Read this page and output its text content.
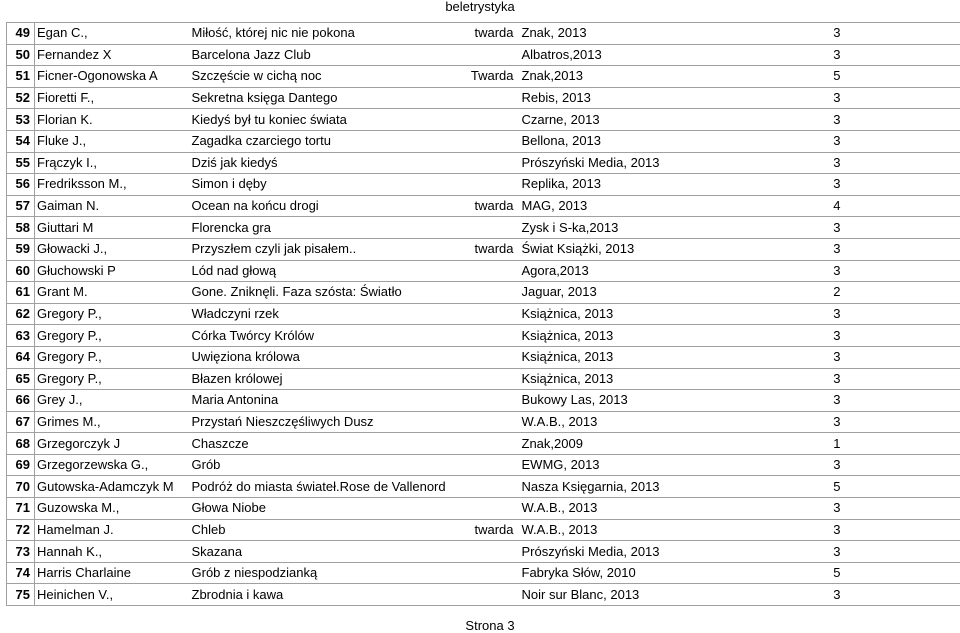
beletrystyka
49	Egan C.,	Miłość, której nic nie pokona	twarda	Znak, 2013	3	
50	Fernandez X	Barcelona Jazz Club		Albatros,2013	3	
51	Ficner-Ogonowska A	Szczęście w cichą noc	Twarda	Znak,2013	5	
52	Fioretti F.,	Sekretna księga Dantego		Rebis, 2013	3	
53	Florian K.	Kiedyś był tu koniec świata		Czarne, 2013	3	
54	Fluke J.,	Zagadka czarciego tortu		Bellona, 2013	3	
55	Frączyk I.,	Dziś jak kiedyś		Prószyński Media, 2013	3	
56	Fredriksson M.,	Simon i dęby		Replika, 2013	3	
57	Gaiman N.	Ocean na końcu drogi	twarda	MAG, 2013	4	
58	Giuttari M	Florencka gra		Zysk i S-ka,2013	3	
59	Głowacki J.,	Przyszłem czyli jak pisałem..	twarda	Świat Książki, 2013	3	
60	Głuchowski P	Lód nad głową		Agora,2013	3	
61	Grant M.	Gone. Zniknęli. Faza szósta: Światło		Jaguar, 2013	2	
62	Gregory P.,	Władczyni rzek		Książnica, 2013	3	
63	Gregory P.,	Córka Twórcy Królów		Książnica, 2013	3	
64	Gregory P.,	Uwięziona królowa		Książnica, 2013	3	
65	Gregory P.,	Błazen królowej		Książnica, 2013	3	
66	Grey J.,	Maria Antonina		Bukowy Las, 2013	3	
67	Grimes M.,	Przystań Nieszczęśliwych Dusz		W.A.B., 2013	3	
68	Grzegorczyk J	Chaszcze		Znak,2009	1	
69	Grzegorzewska G.,	Grób		EWMG, 2013	3	
70	Gutowska-Adamczyk M	Podróż do miasta świateł.Rose de Vallenord		Nasza Księgarnia, 2013	5	
71	Guzowska M.,	Głowa Niobe		W.A.B., 2013	3	
72	Hamelman J.	Chleb	twarda	W.A.B., 2013	3	
73	Hannah K.,	Skazana		Prószyński Media, 2013	3	
74	Harris Charlaine	Grób z niespodzianką		Fabryka Słów, 2010	5	
75	Heinichen V.,	Zbrodnia i kawa		Noir sur Blanc, 2013	3	
Strona 3
